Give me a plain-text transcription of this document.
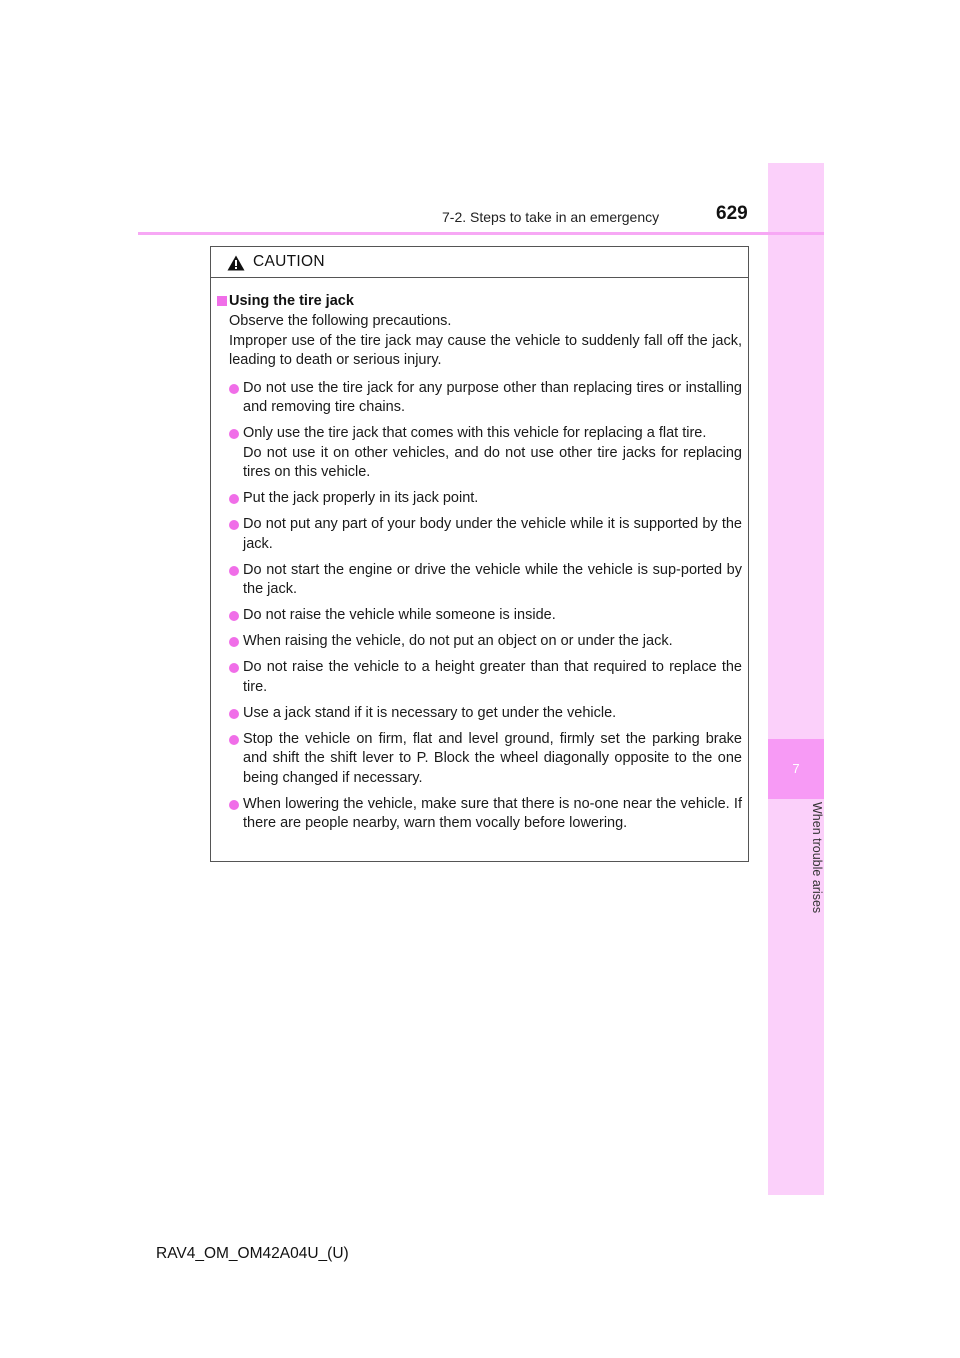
7
When trouble arises
7-2. Steps to take in an emergency	629
CAUTION
Using the tire jack
Observe the following precautions.
Improper use of the tire jack may cause the vehicle to suddenly fall off the jack, leading to death or serious injury.

Do not use the tire jack for any purpose other than replacing tires or installing and removing tire chains.

Only use the tire jack that comes with this vehicle for replacing a flat tire.

Do not use it on other vehicles, and do not use other tire jacks for replacing tires on this vehicle.

Put the jack properly in its jack point.

Do not put any part of your body under the vehicle while it is supported by the jack.

Do not start the engine or drive the vehicle while the vehicle is sup-ported by the jack.

Do not raise the vehicle while someone is inside.

When raising the vehicle, do not put an object on or under the jack.

Do not raise the vehicle to a height greater than that required to replace the tire.

Use a jack stand if it is necessary to get under the vehicle.

Stop the vehicle on firm, flat and level ground, firmly set the parking brake and shift the shift lever to P. Block the wheel diagonally opposite to the one being changed if necessary.

When lowering the vehicle, make sure that there is no-one near the vehicle. If there are people nearby, warn them vocally before lowering.

RAV4_OM_OM42A04U_(U)
